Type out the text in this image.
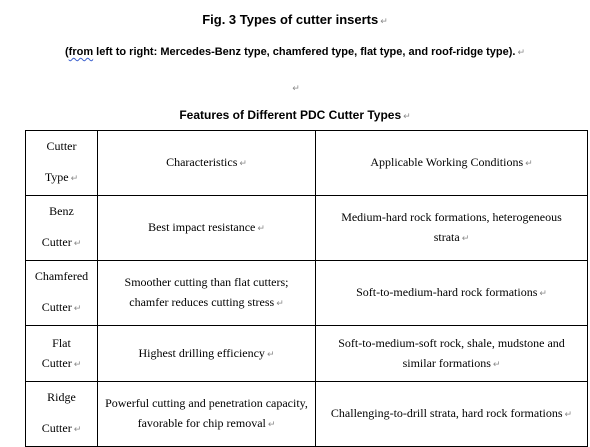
Fig. 3 Types of cutter inserts ↵
(from left to right: Mercedes-Benz type, chamfered type, flat type, and roof-ridge type). ↵
↵
Features of Different PDC Cutter Types ↵
Cutter Type ↵	Characteristics ↵	Applicable Working Conditions ↵
Benz Cutter ↵	Best impact resistance ↵	Medium-hard rock formations, heterogeneous strata ↵
Chamfered Cutter ↵	Smoother cutting than flat cutters; chamfer reduces cutting stress ↵	Soft-to-medium-hard rock formations ↵
Flat Cutter ↵	Highest drilling efficiency ↵	Soft-to-medium-soft rock, shale, mudstone and similar formations ↵
Ridge Cutter ↵	Powerful cutting and penetration capacity, favorable for chip removal ↵	Challenging-to-drill strata, hard rock formations ↵
